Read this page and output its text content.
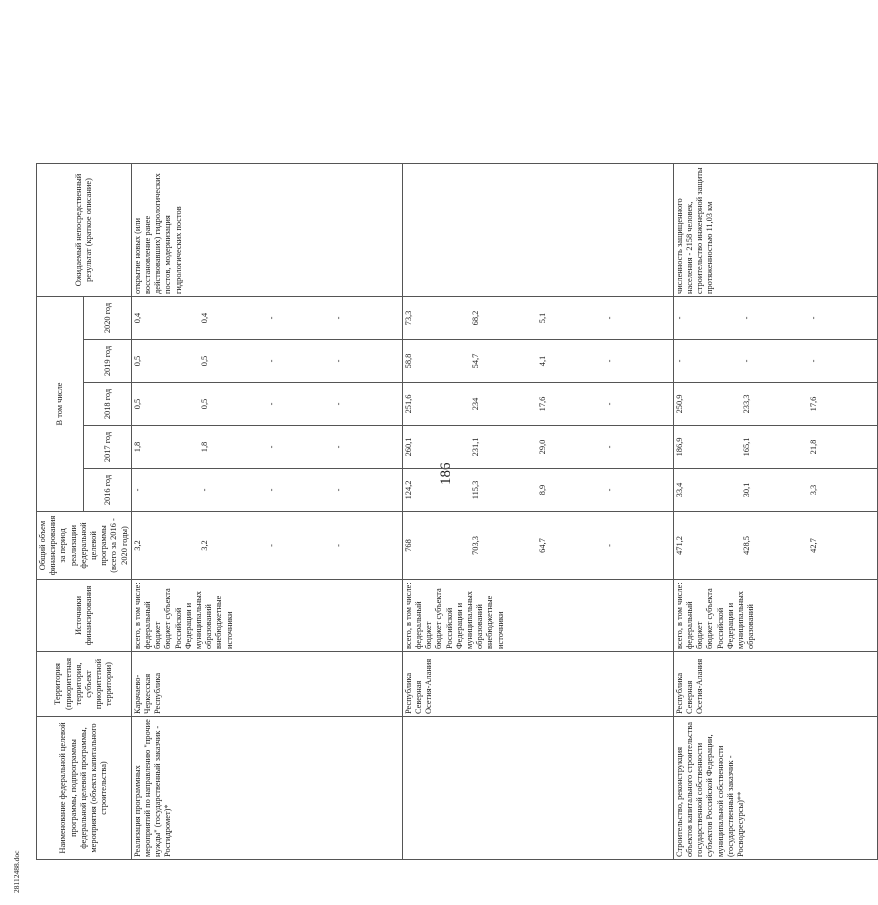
186
Наименование федеральной целевой программы, подпрограммы федеральной целевой программы, мероприятия (объекта капитального строительства)	Территория (приоритетная территория, субъект приоритетной территории)	Источники финансирования	Общий объем финансирования за период реализации федеральной целевой программы (всего за 2016 - 2020 годы)	В том числе					Ожидаемый непосредственный результат (краткое описание)
				2016 год	2017 год	2018 год	2019 год	2020 год	
Реализация программных мероприятий по направлению "прочие нужды" (государственный заказчик - Росгидромет)*	Карачаево-Черкесская Республика	всего, в том числе: федеральный бюджет бюджет субъекта Российской Федерации и муниципальных образований внебюджетные источники	3,2 3,2 - -	- - - -	1,8 1,8 - -	0,5 0,5 - -	0,5 0,5 - -	0,4 0,4 - -	открытие новых (или восстановление ранее действовавших) гидрологических постов, модернизация гидрологических постов
	Республика Северная Осетия-Алания	всего, в том числе: федеральный бюджет бюджет субъекта Российской Федерации и муниципальных образований внебюджетные источники	768 703,3 64,7 -	124,2 115,3 8,9 -	260,1 231,1 29,0 -	251,6 234 17,6 -	58,8 54,7 4,1 -	73,3 68,2 5,1 -	

Строительство, реконструкция объектов капитального строительства государственной собственности субъектов Российской Федерации, муниципальной собственности (государственный заказчик - Росводресурсы)**	Республика Северная Осетия-Алания	всего, в том числе: федеральный бюджет бюджет субъекта Российской Федерации и муниципальных образований	471,2 428,5 42,7	33,4 30,1 3,3	186,9 165,1 21,8	250,9 233,3 17,6	- - -	- - -	численность защищенного населения - 2158 человек, строительство инженерной защиты протяженностью 11,03 км
28112488.doc
